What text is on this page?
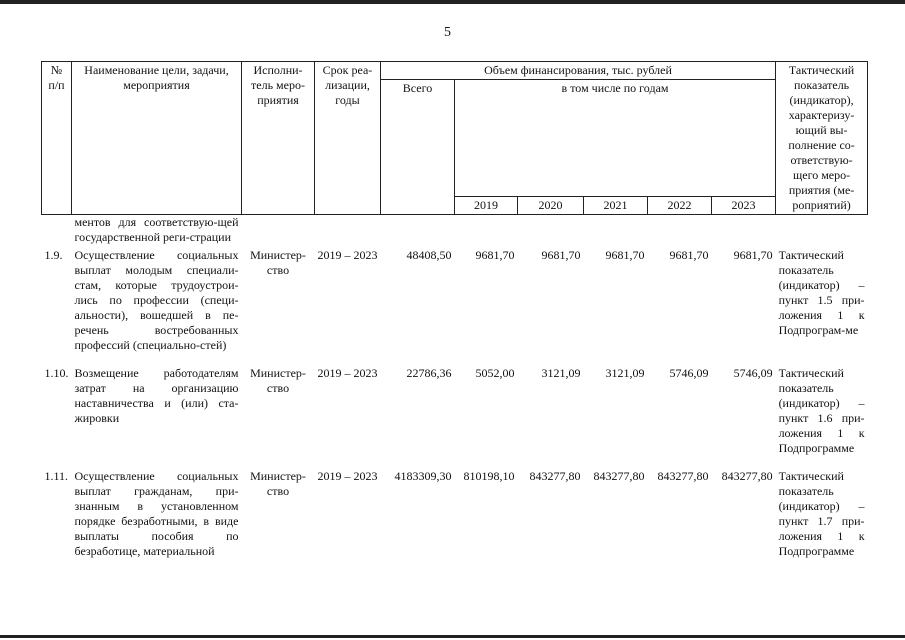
5
№ п/п	Наименование цели, задачи, мероприятия	Исполни-тель меро-приятия	Срок реа-лизации, годы	Объем финансирования, тыс. рублей						Тактический показатель (индикатор), характеризу-ющий вы-полнение со-ответствую-щего меро-приятия (ме-роприятий)
				Всего	в том числе по годам					
					2019	2020	2021	2022	2023	
	ментов для соответствую-щей государственной реги-страции									
1.9.	Осуществление социальных выплат молодым специали-стам, которые трудоустрои-лись по профессии (специ-альности), вошедшей в пе-речень востребованных профессий (специально-стей)	Министер-ство	2019 – 2023	48408,50	9681,70	9681,70	9681,70	9681,70	9681,70	Тактический показатель (индикатор) – пункт 1.5 при-ложения 1 к Подпрограм-ме
1.10.	Возмещение работодателям затрат на организацию наставничества и (или) ста-жировки	Министер-ство	2019 – 2023	22786,36	5052,00	3121,09	3121,09	5746,09	5746,09	Тактический показатель (индикатор) – пункт 1.6 при-ложения 1 к Подпрограмме
1.11.	Осуществление социальных выплат гражданам, при-знанным в установленном порядке безработными, в виде выплаты пособия по безработице, материальной	Министер-ство	2019 – 2023	4183309,30	810198,10	843277,80	843277,80	843277,80	843277,80	Тактический показатель (индикатор) – пункт 1.7 при-ложения 1 к Подпрограмме
